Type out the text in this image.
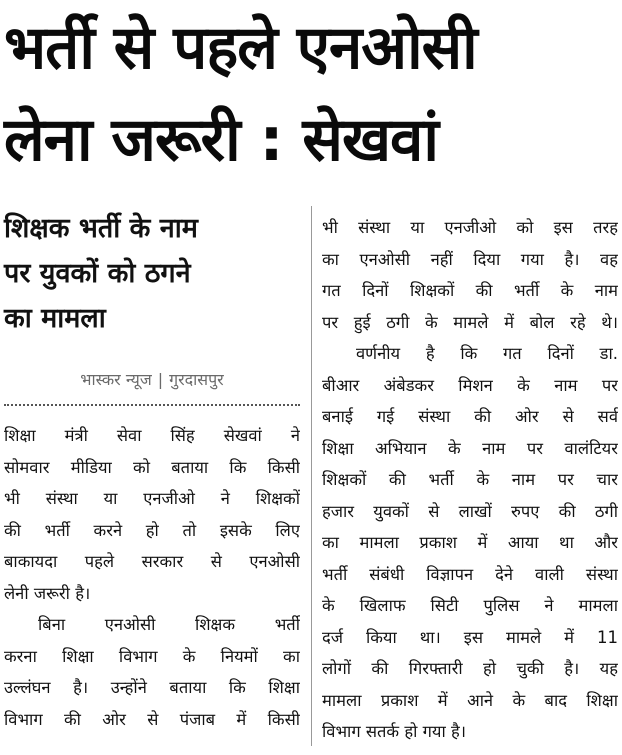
भर्ती से पहले एनओसी
लेना जरूरी : सेखवां
शिक्षक भर्ती के नाम
पर युवकों को ठगने
का मामला
भास्कर न्यूज | गुरदासपुर
शिक्षा मंत्री सेवा सिंह सेखवां ने
सोमवार मीडिया को बताया कि किसी
भी संस्था या एनजीओ ने शिक्षकों
की भर्ती करने हो तो इसके लिए
बाकायदा पहले सरकार से एनओसी
लेनी जरूरी है।
बिना एनओसी शिक्षक भर्ती
करना शिक्षा विभाग के नियमों का
उल्लंघन है। उन्होंने बताया कि शिक्षा
विभाग की ओर से पंजाब में किसी
भी संस्था या एनजीओ को इस तरह
का एनओसी नहीं दिया गया है। वह
गत दिनों शिक्षकों की भर्ती के नाम
पर हुई ठगी के मामले में बोल रहे थे।
वर्णनीय है कि गत दिनों डा.
बीआर अंबेडकर मिशन के नाम पर
बनाई गई संस्था की ओर से सर्व
शिक्षा अभियान के नाम पर वालंटियर
शिक्षकों की भर्ती के नाम पर चार
हजार युवकों से लाखों रुपए की ठगी
का मामला प्रकाश में आया था और
भर्ती संबंधी विज्ञापन देने वाली संस्था
के खिलाफ सिटी पुलिस ने मामला
दर्ज किया था। इस मामले में 11
लोगों की गिरफ्तारी हो चुकी है। यह
मामला प्रकाश में आने के बाद शिक्षा
विभाग सतर्क हो गया है।
